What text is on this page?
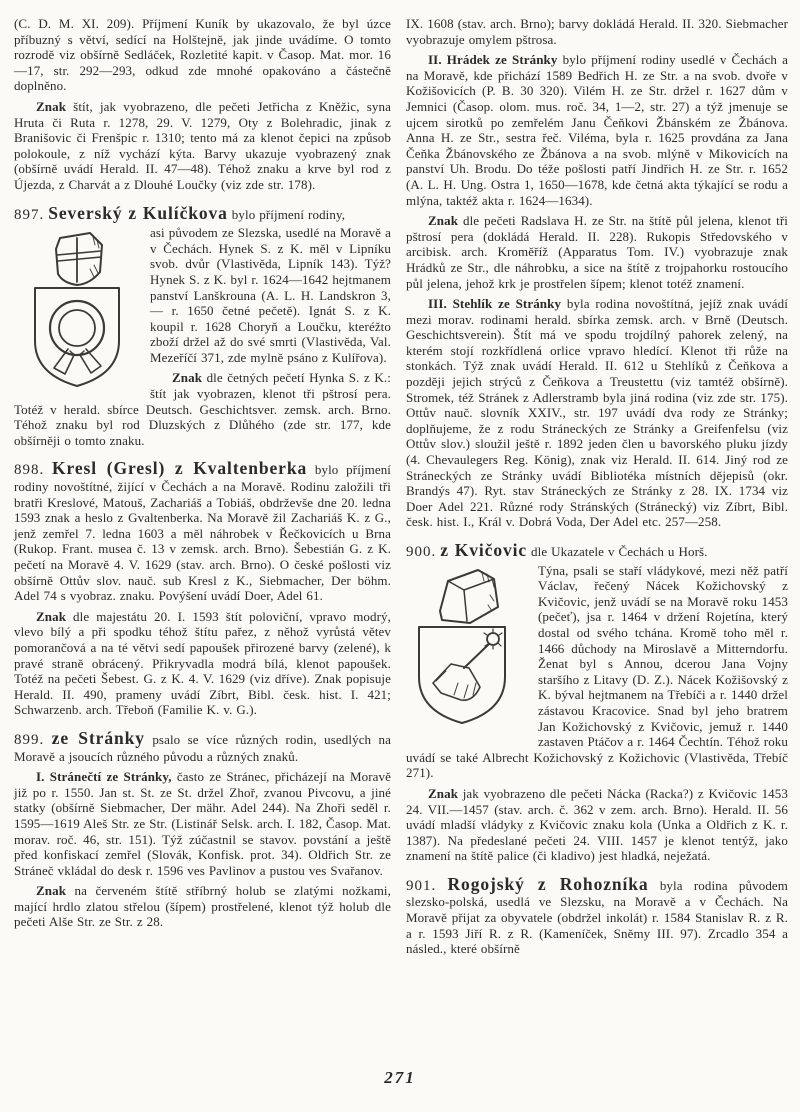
(C. D. M. XI. 209). Příjmení Kuník by ukazovalo, že byl úzce příbuzný s větví, sedící na Holštejně, jak jinde uvádíme. O tomto rozrodě viz obšírně Sedláček, Rozletité kapit. v Časop. Mat. mor. 16—17, str. 292—293, odkud zde mnohé opakováno a částečně doplněno.
Znak štít, jak vyobrazeno, dle pečeti Jetřicha z Kněžic, syna Hruta či Ruta r. 1278, 29. V. 1279, Oty z Bolehradic, jinak z Branišovic či Frenšpic r. 1310; tento má za klenot čepici na způsob polokoule, z níž vychází kýta. Barvy ukazuje vyobrazený znak (obšírně uvádí Herald. II. 47—48). Téhož znaku a krve byl rod z Újezda, z Charvát a z Dlouhé Loučky (viz zde str. 178).
897. Severský z Kulíčkova bylo příjmení rodiny,
asi původem ze Slezska, usedlé na Moravě a v Čechách. Hynek S. z K. měl v Lipníku svob. dvůr (Vlastivěda, Lipník 143). Týž? Hynek S. z K. byl r. 1624—1642 hejtmanem panství Lanškrouna (A. L. H. Landskron 3, — r. 1650 četné pečetě). Ignát S. z K. koupil r. 1628 Choryň a Loučku, kteréžto zboží držel až do své smrti (Vlastivěda, Val. Mezeříčí 371, zde mylně psáno z Kulířova).
Znak dle četných pečetí Hynka S. z K.: štít jak vyobrazen, klenot tři pštrosí pera. Totéž v herald. sbírce Deutsch. Geschichtsver. zemsk. arch. Brno. Téhož znaku byl rod Dluzských z Dlůhého (zde str. 177, kde obšírněji o tomto znaku.
898. Kresl (Gresl) z Kvaltenberka bylo příjmení rodiny novoštítné, žijící v Čechách a na Moravě. Rodinu založili tři bratři Kreslové, Matouš, Zachariáš a Tobiáš, obdrževše dne 20. ledna 1593 znak a heslo z Gvaltenberka. Na Moravě žil Zachariáš K. z G., jenž zemřel 7. ledna 1603 a měl náhrobek v Řečkovicích u Brna (Rukop. Frant. musea č. 13 v zemsk. arch. Brno). Šebestián G. z K. pečetí na Moravě 4. V. 1629 (stav. arch. Brno). O české pošlosti viz obšírně Ottův slov. nauč. sub Kresl z K., Siebmacher, Der böhm. Adel 74 s vyobraz. znaku. Povýšení uvádí Doer, Adel 61.
Znak dle majestátu 20. I. 1593 štít poloviční, vpravo modrý, vlevo bílý a při spodku téhož štítu pařez, z něhož vyrůstá větev pomorančová a na té větvi sedí papoušek přirozené barvy (zelené), k pravé straně obrácený. Přikryvadla modrá bílá, klenot papoušek. Totéž na pečeti Šebest. G. z K. 4. V. 1629 (viz dříve). Znak popisuje Herald. II. 490, prameny uvádí Zíbrt, Bibl. česk. hist. I. 421; Schwarzenb. arch. Třeboň (Familie K. v. G.).
899. ze Stránky psalo se více různých rodin, usedlých na Moravě a jsoucích různého původu a různých znaků.
I. Stránečtí ze Stránky, často ze Stránec, přicházejí na Moravě již po r. 1550. Jan st. St. ze St. držel Zhoř, zvanou Pivcovu, a jiné statky (obšírně Siebmacher, Der mähr. Adel 244). Na Zhoři seděl r. 1595—1619 Aleš Str. ze Str. (Listinář Selsk. arch. I. 182, Časop. Mat. morav. roč. 46, str. 151). Týž zúčastnil se stavov. povstání a ještě před konfiskací zemřel (Slovák, Konfisk. prot. 34). Oldřich Str. ze Stráneč vkládal do desk r. 1596 ves Pavlinov a pustou ves Svařanov.
Znak na červeném štítě stříbrný holub se zlatými nožkami, mající hrdlo zlatou střelou (šípem) prostřelené, klenot týž holub dle pečeti Alše Str. ze Str. z 28.
IX. 1608 (stav. arch. Brno); barvy dokládá Herald. II. 320. Siebmacher vyobrazuje omylem pštrosa.
II. Hrádek ze Stránky bylo příjmení rodiny usedlé v Čechách a na Moravě, kde přichází 1589 Bedřich H. ze Str. a na svob. dvoře v Kožišovicích (P. B. 30 320). Vilém H. ze Str. držel r. 1627 dům v Jemnici (Časop. olom. mus. roč. 34, 1—2, str. 27) a týž jmenuje se ujcem sirotků po zemřelém Janu Čeňkovi Žbánském ze Žbánova. Anna H. ze Str., sestra řeč. Viléma, byla r. 1625 provdána za Jana Čeňka Žbánovského ze Žbánova a na svob. mlýně v Mikovicích na panství Uh. Brodu. Do téže pošlosti patří Jindřich H. ze Str. r. 1652 (A. L. H. Ung. Ostra 1, 1650—1678, kde četná akta týkající se rodu a mlýna, taktéž akta r. 1624—1634).
Znak dle pečeti Radslava H. ze Str. na štítě půl jelena, klenot tři pštrosí pera (dokládá Herald. II. 228). Rukopis Středovského v arcibisk. arch. Kroměříž (Apparatus Tom. IV.) vyobrazuje znak Hrádků ze Str., dle náhrobku, a sice na štítě z trojpahorku rostoucího půl jelena, jehož krk je prostřelen šípem; klenot totéž znamení.
III. Stehlík ze Stránky byla rodina novoštítná, jejíž znak uvádí mezi morav. rodinami herald. sbírka zemsk. arch. v Brně (Deutsch. Geschichtsverein). Štít má ve spodu trojdílný pahorek zelený, na kterém stojí rozkřídlená orlice vpravo hledící. Klenot tři růže na stonkách. Týž znak uvádí Herald. II. 612 u Stehlíků z Čeňkova a později jejich strýců z Čeňkova a Treustettu (viz tamtéž obšírně). Stromek, též Stránek z Adlerstramb byla jiná rodina (viz zde str. 175). Ottův nauč. slovník XXIV., str. 197 uvádí dva rody ze Stránky; doplňujeme, že z rodu Stráneckých ze Stránky a Greifenfelsu (viz Ottův slov.) sloužil ještě r. 1892 jeden člen u bavorského pluku jízdy (4. Chevaulegers Reg. König), znak viz Herald. II. 614. Jiný rod ze Stráneckých ze Stránky uvádí Bibliotéka místních dějepisů (okr. Brandýs 47). Ryt. stav Stráneckých ze Stránky z 28. IX. 1734 viz Doer Adel 221. Různé rody Stránských (Stránecký) viz Zíbrt, Bibl. česk. hist. I., Král v. Dobrá Voda, Der Adel etc. 257—258.
900. z Kvičovic dle Ukazatele v Čechách u Horš.
Týna, psali se staří vládykové, mezi něž patří Václav, řečený Nácek Kožichovský z Kvičovic, jenž uvádí se na Moravě roku 1453 (pečeť), jsa r. 1464 v držení Rojetína, který dostal od svého tchána. Kromě toho měl r. 1466 důchody na Miroslavě a Mitterndorfu. Ženat byl s Annou, dcerou Jana Vojny staršího z Litavy (D. Z.). Nácek Kožišovský z K. býval hejtmanem na Třebíči a r. 1440 držel zástavou Kracovice. Snad byl jeho bratrem Jan Kožichovský z Kvičovic, jemuž r. 1440 zastaven Ptáčov a r. 1464 Čechtín. Téhož roku uvádí se také Albrecht Kožichovský z Kožichovic (Vlastivěda, Třebíč 271).
Znak jak vyobrazeno dle pečeti Nácka (Racka?) z Kvičovic 1453 24. VII.—1457 (stav. arch. č. 362 v zem. arch. Brno). Herald. II. 56 uvádí mladší vládyky z Kvičovic znaku kola (Unka a Oldřich z K. r. 1387). Na předeslané pečeti 24. VIII. 1457 je klenot tentýž, jako znamení na štítě palice (či kladivo) jest hladká, neježatá.
901. Rogojský z Rohozníka byla rodina původem slezsko-polská, usedlá ve Slezsku, na Moravě a v Čechách. Na Moravě přijat za obyvatele (obdržel inkolát) r. 1584 Stanislav R. z R. a r. 1593 Jiří R. z R. (Kameníček, Sněmy III. 97). Zrcadlo 354 a násled., které obšírně
271
